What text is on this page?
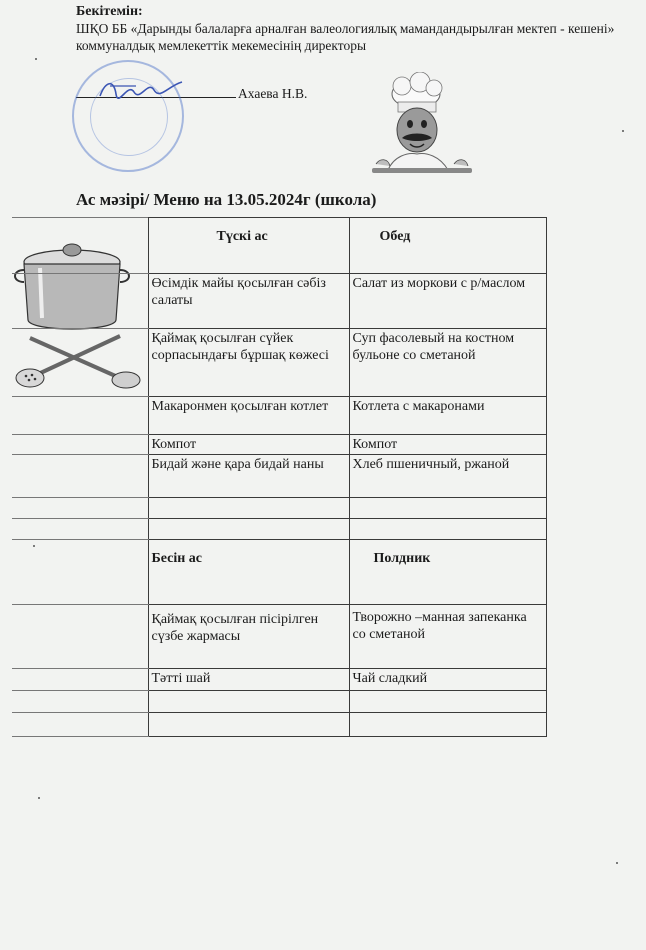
Бекітемін:
ШҚО ББ «Дарынды балаларға арналған валеологиялық мамандандырылған мектеп - кешені» коммуналдық мемлекеттік мекемесінің директоры
Ахаева Н.В.
Ас мәзірі/ Меню на 13.05.2024г (школа)
	Түскі ас	Обед
	Өсімдік майы қосылған сәбіз салаты	Салат из моркови с р/маслом
	Қаймақ қосылған сүйек сорпасындағы бұршақ көжесі	Суп фасолевый на костном бульоне со сметаной
	Макаронмен қосылған котлет	Котлета с макаронами
	Компот	Компот
	Бидай және қара бидай наны	Хлеб пшеничный, ржаной

	Бесін ас	Полдник
	Қаймақ қосылған пісірілген сүзбе жармасы	Творожно –манная запеканка со сметаной
	Тәтті шай	Чай сладкий
